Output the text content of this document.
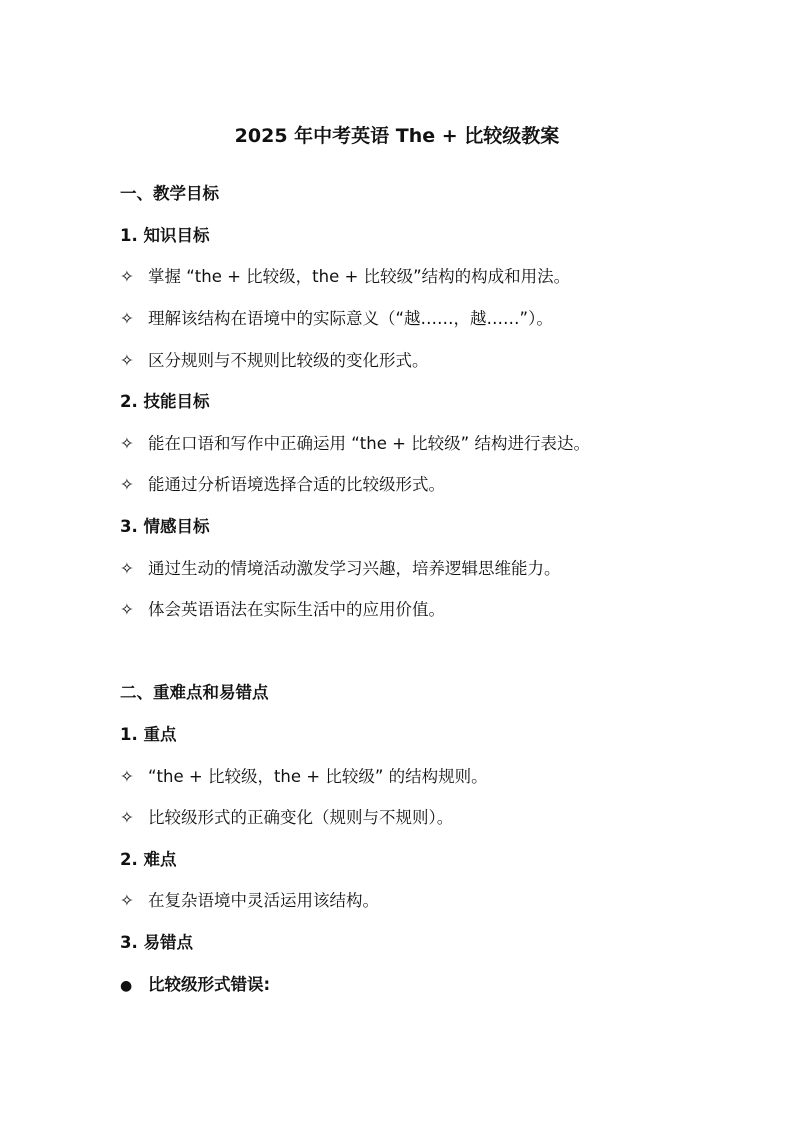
2025 年中考英语 The + 比较级教案
一、教学目标
1. 知识目标
✧ 掌握 “the + 比较级，the + 比较级”结构的构成和用法。
✧ 理解该结构在语境中的实际意义（“越……，越……”）。
✧ 区分规则与不规则比较级的变化形式。
2. 技能目标
✧ 能在口语和写作中正确运用 “the + 比较级” 结构进行表达。
✧ 能通过分析语境选择合适的比较级形式。
3. 情感目标
✧ 通过生动的情境活动激发学习兴趣，培养逻辑思维能力。
✧ 体会英语语法在实际生活中的应用价值。
二、重难点和易错点
1. 重点
✧ “the + 比较级，the + 比较级” 的结构规则。
✧ 比较级形式的正确变化（规则与不规则）。
2. 难点
✧ 在复杂语境中灵活运用该结构。
3. 易错点
● 比较级形式错误:
